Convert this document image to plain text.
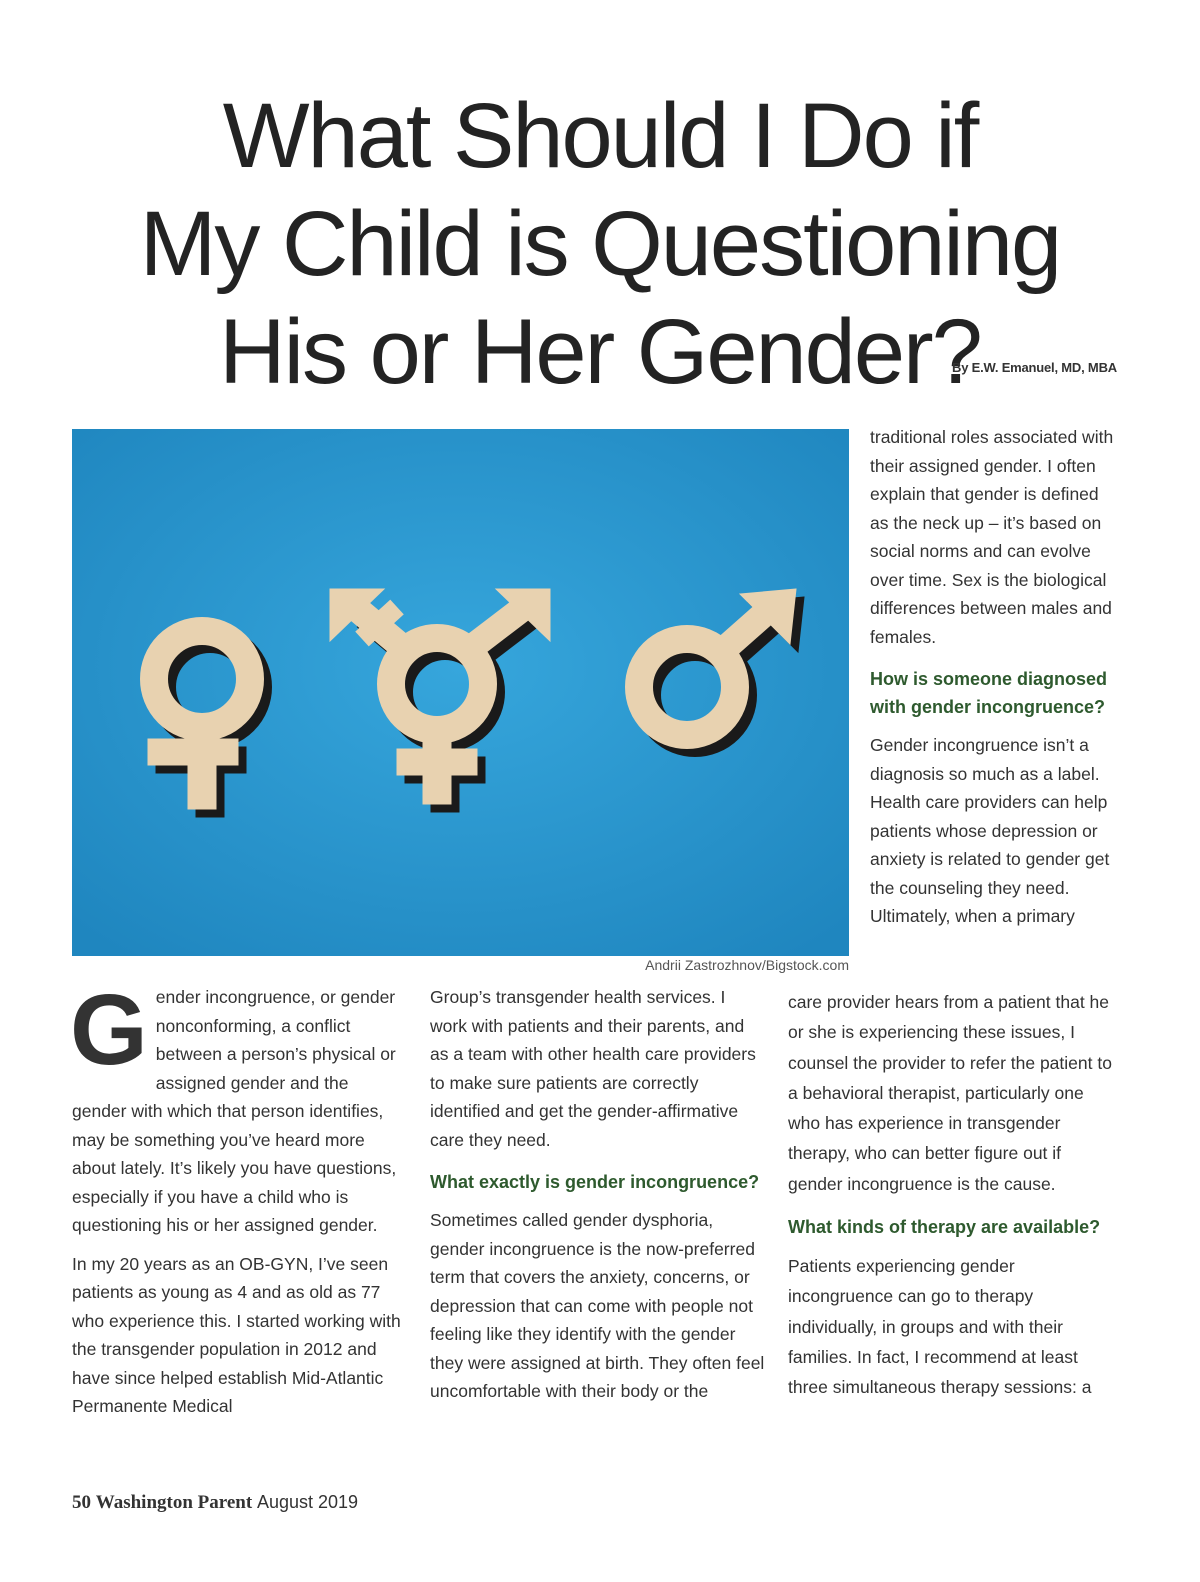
What Should I Do if
My Child is Questioning
His or Her Gender?
By E.W. Emanuel, MD, MBA
Andrii Zastrozhnov/Bigstock.com

Gender incongruence, or gender nonconforming, a conflict between a person’s physical or assigned gender and the gender with which that person identifies, may be something you’ve heard more about lately. It’s likely you have questions, especially if you have a child who is questioning his or her assigned gender.

In my 20 years as an OB-GYN, I’ve seen patients as young as 4 and as old as 77 who experience this. I started working with the transgender population in 2012 and have since helped establish Mid-Atlantic Permanente Medical

Group’s transgender health services. I work with patients and their parents, and as a team with other health care providers to make sure patients are correctly identified and get the gender-affirmative care they need.

What exactly is gender incongruence?

Sometimes called gender dysphoria, gender incongruence is the now-preferred term that covers the anxiety, concerns, or depression that can come with people not feeling like they identify with the gender they were assigned at birth. They often feel uncomfortable with their body or the

traditional roles associated with their assigned gender. I often explain that gender is defined as the neck up – it’s based on social norms and can evolve over time. Sex is the biological differences between males and females.

How is someone diagnosed with gender incongruence?

Gender incongruence isn’t a diagnosis so much as a label. Health care providers can help patients whose depression or anxiety is related to gender get the counseling they need. Ultimately, when a primary

care provider hears from a patient that he or she is experiencing these issues, I counsel the provider to refer the patient to a behavioral therapist, particularly one who has experience in transgender therapy, who can better figure out if gender incongruence is the cause.

What kinds of therapy are available?

Patients experiencing gender incongruence can go to therapy individually, in groups and with their families. In fact, I recommend at least three simultaneous therapy sessions: a

50 Washington Parent August 2019
